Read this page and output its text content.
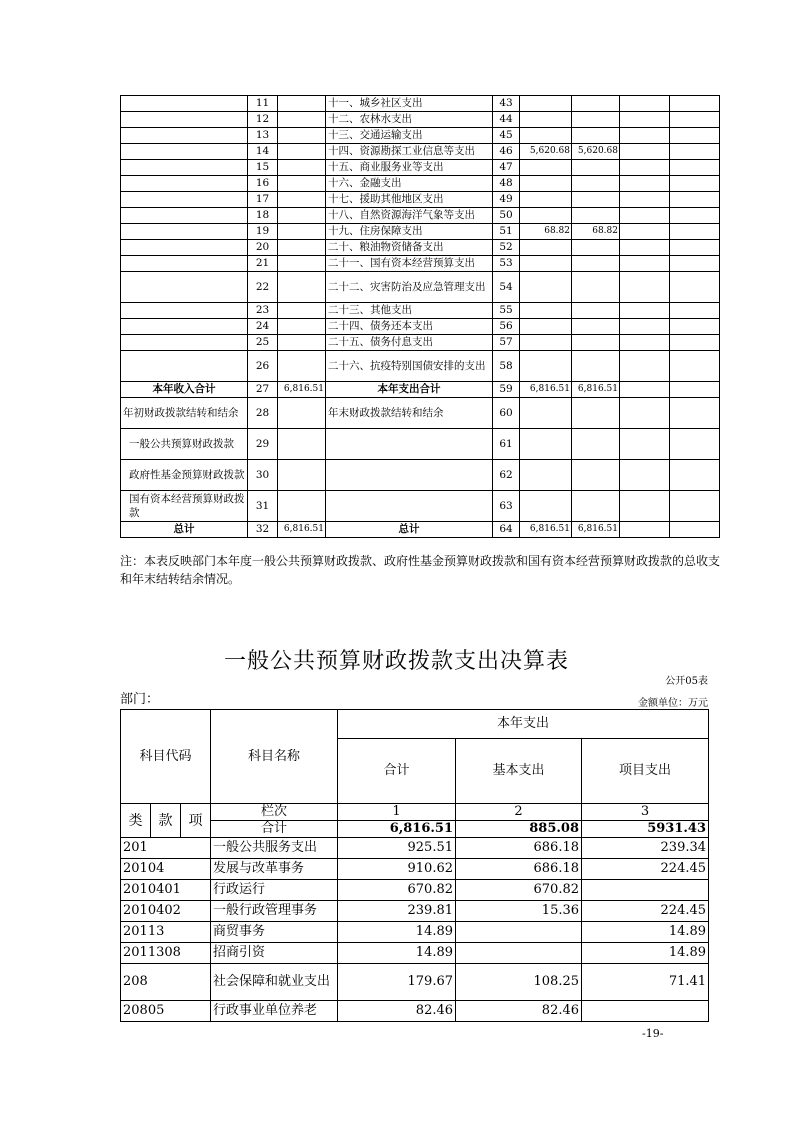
	11		十一、城乡社区支出	43				
	12		十二、农林水支出	44				
	13		十三、交通运输支出	45				
	14		十四、资源勘探工业信息等支出	46	5,620.68	5,620.68		
	15		十五、商业服务业等支出	47				
	16		十六、金融支出	48				
	17		十七、援助其他地区支出	49				
	18		十八、自然资源海洋气象等支出	50				
	19		十九、住房保障支出	51	68.82	68.82		
	20		二十、粮油物资储备支出	52				
	21		二十一、国有资本经营预算支出	53				
	22		二十二、灾害防治及应急管理支出	54				
	23		二十三、其他支出	55				
	24		二十四、债务还本支出	56				
	25		二十五、债务付息支出	57				
	26		二十六、抗疫特别国债安排的支出	58				
本年收入合计	27	6,816.51	本年支出合计	59	6,816.51	6,816.51		
年初财政拨款结转和结余	28		年末财政拨款结转和结余	60				
一般公共预算财政拨款	29			61				
政府性基金预算财政拨款	30			62				
国有资本经营预算财政拨款	31			63				
总计	32	6,816.51	总计	64	6,816.51	6,816.51		
注：本表反映部门本年度一般公共预算财政拨款、政府性基金预算财政拨款和国有资本经营预算财政拨款的总收支和年末结转结余情况。
一般公共预算财政拨款支出决算表
公开05表
部门：	金额单位：万元
科目代码			科目名称	本年支出		
				合计	基本支出	项目支出
类	款	项	栏次	1	2	3
			合计	6,816.51	885.08	5931.43
201			一般公共服务支出	925.51	686.18	239.34
20104			发展与改革事务	910.62	686.18	224.45
2010401			行政运行	670.82	670.82	
2010402			一般行政管理事务	239.81	15.36	224.45
20113			商贸事务	14.89		14.89
2011308			招商引资	14.89		14.89
208			社会保障和就业支出	179.67	108.25	71.41
20805			行政事业单位养老	82.46	82.46	
-19-
